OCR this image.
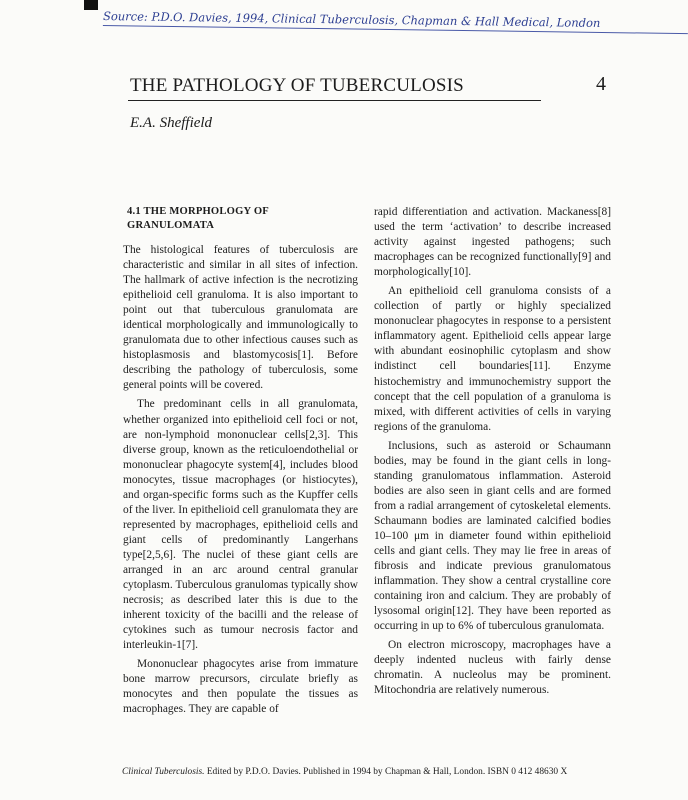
Source: P.D.O. Davies, 1994, Clinical Tuberculosis, Chapman & Hall Medical, London
THE PATHOLOGY OF TUBERCULOSIS	4
E.A. Sheffield
4.1 THE MORPHOLOGY OF
GRANULOMATA

The histological features of tuberculosis are characteristic and similar in all sites of infection. The hallmark of active infection is the necrotizing epithelioid cell granuloma. It is also important to point out that tuberculous granulomata are identical morphologically and immunologically to granulomata due to other infectious causes such as histoplasmosis and blastomycosis[1]. Before describing the pathology of tuberculosis, some general points will be covered.

The predominant cells in all granulomata, whether organized into epithelioid cell foci or not, are non-lymphoid mononuclear cells[2,3]. This diverse group, known as the reticuloendothelial or mononuclear phagocyte system[4], includes blood monocytes, tissue macrophages (or histiocytes), and organ-specific forms such as the Kupffer cells of the liver. In epithelioid cell granulomata they are represented by macrophages, epithelioid cells and giant cells of predominantly Langerhans type[2,5,6]. The nuclei of these giant cells are arranged in an arc around central granular cytoplasm. Tuberculous granulomas typically show necrosis; as described later this is due to the inherent toxicity of the bacilli and the release of cytokines such as tumour necrosis factor and interleukin-1[7].

Mononuclear phagocytes arise from immature bone marrow precursors, circulate briefly as monocytes and then populate the tissues as macrophages. They are capable of

rapid differentiation and activation. Mackaness[8] used the term ‘activation’ to describe increased activity against ingested pathogens; such macrophages can be recognized functionally[9] and morphologically[10].

An epithelioid cell granuloma consists of a collection of partly or highly specialized mononuclear phagocytes in response to a persistent inflammatory agent. Epithelioid cells appear large with abundant eosinophilic cytoplasm and show indistinct cell boundaries[11]. Enzyme histochemistry and immunochemistry support the concept that the cell population of a granuloma is mixed, with different activities of cells in varying regions of the granuloma.

Inclusions, such as asteroid or Schaumann bodies, may be found in the giant cells in long-standing granulomatous inflammation. Asteroid bodies are also seen in giant cells and are formed from a radial arrangement of cytoskeletal elements. Schaumann bodies are laminated calcified bodies 10–100 μm in diameter found within epithelioid cells and giant cells. They may lie free in areas of fibrosis and indicate previous granulomatous inflammation. They show a central crystalline core containing iron and calcium. They are probably of lysosomal origin[12]. They have been reported as occurring in up to 6% of tuberculous granulomata.

On electron microscopy, macrophages have a deeply indented nucleus with fairly dense chromatin. A nucleolus may be prominent. Mitochondria are relatively numerous.

Clinical Tuberculosis. Edited by P.D.O. Davies. Published in 1994 by Chapman & Hall, London. ISBN 0 412 48630 X
